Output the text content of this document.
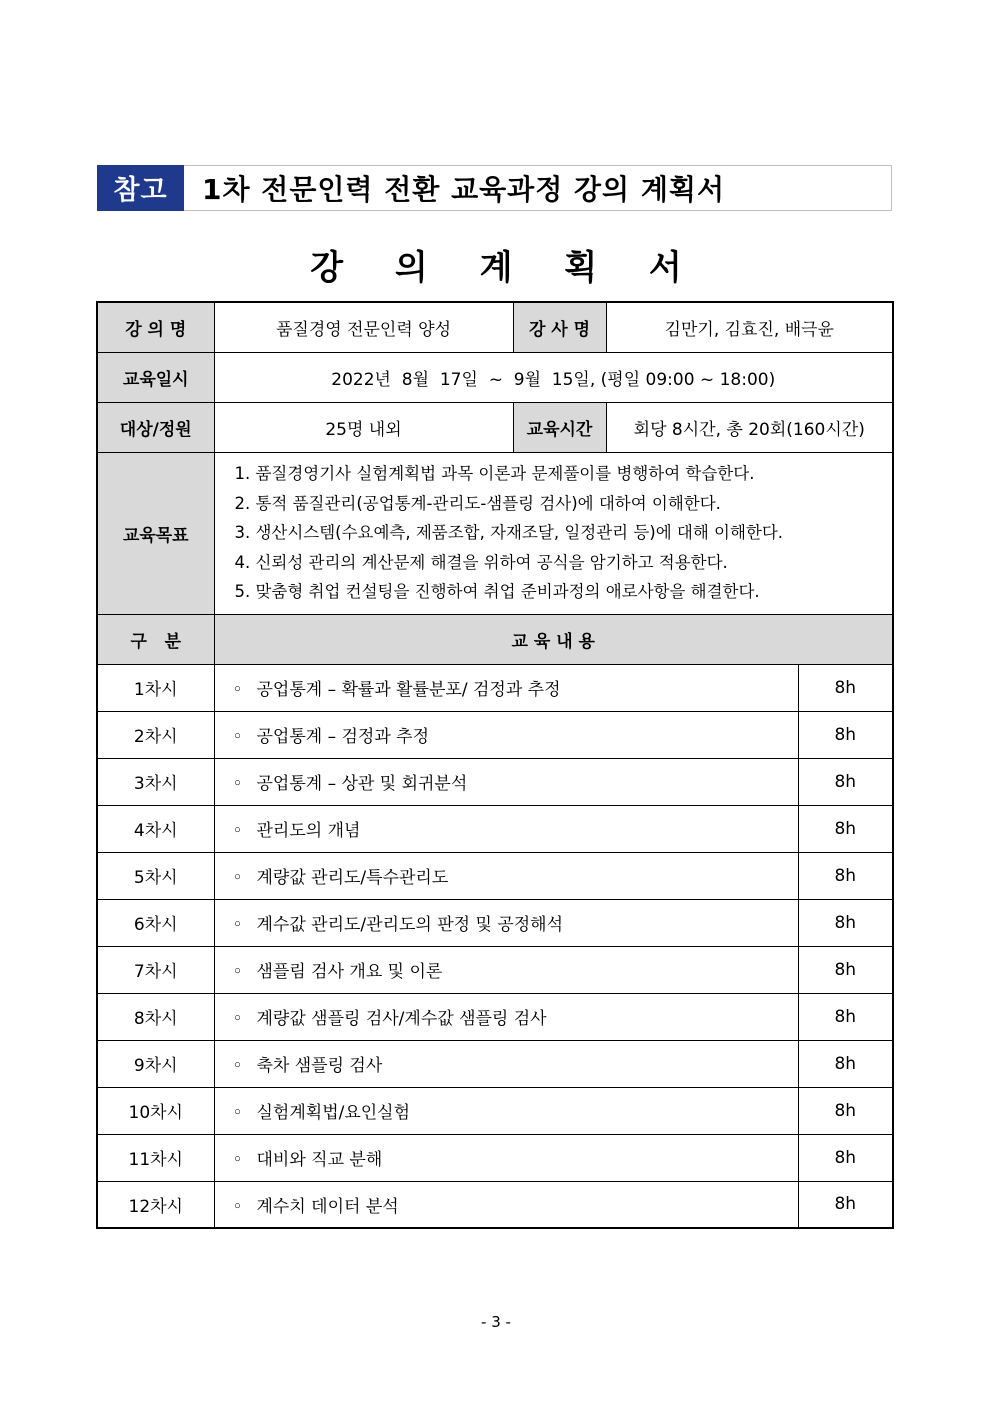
참고	1차 전문인력 전환 교육과정 강의 계획서
강 의 계 획 서
강 의 명	품질경영 전문인력 양성	강 사 명	김만기, 김효진, 배극윤	
교육일시	2022년  8월  17일  ~  9월  15일, (평일 09:00 ~ 18:00)			
대상/정원	25명 내외	교육시간	회당 8시간, 총 20회(160시간)	
교육목표	1. 품질경영기사 실험계획법 과목 이론과 문제풀이를 병행하여 학습한다.
2. 통적 품질관리(공업통계-관리도-샘플링 검사)에 대하여 이해한다.
3. 생산시스템(수요예측, 제품조합, 자재조달, 일정관리 등)에 대해 이해한다.
4. 신뢰성 관리의 계산문제 해결을 위하여 공식을 암기하고 적용한다.
5. 맞춤형 취업 컨설팅을 진행하여 취업 준비과정의 애로사항을 해결한다.			

구   분	교 육 내 용			
1차시	◦ 공업통계 – 확률과 활률분포/ 검정과 추정			8h
2차시	◦ 공업통계 – 검정과 추정			8h
3차시	◦ 공업통계 – 상관 및 회귀분석			8h
4차시	◦ 관리도의 개념			8h
5차시	◦ 계량값 관리도/특수관리도			8h
6차시	◦ 계수값 관리도/관리도의 판정 및 공정해석			8h
7차시	◦ 샘플림 검사 개요 및 이론			8h
8차시	◦ 계량값 샘플링 검사/계수값 샘플링 검사			8h
9차시	◦ 축차 샘플링 검사			8h
10차시	◦ 실험계획법/요인실험			8h
11차시	◦ 대비와 직교 분해			8h
12차시	◦ 계수치 데이터 분석			8h
- 3 -
